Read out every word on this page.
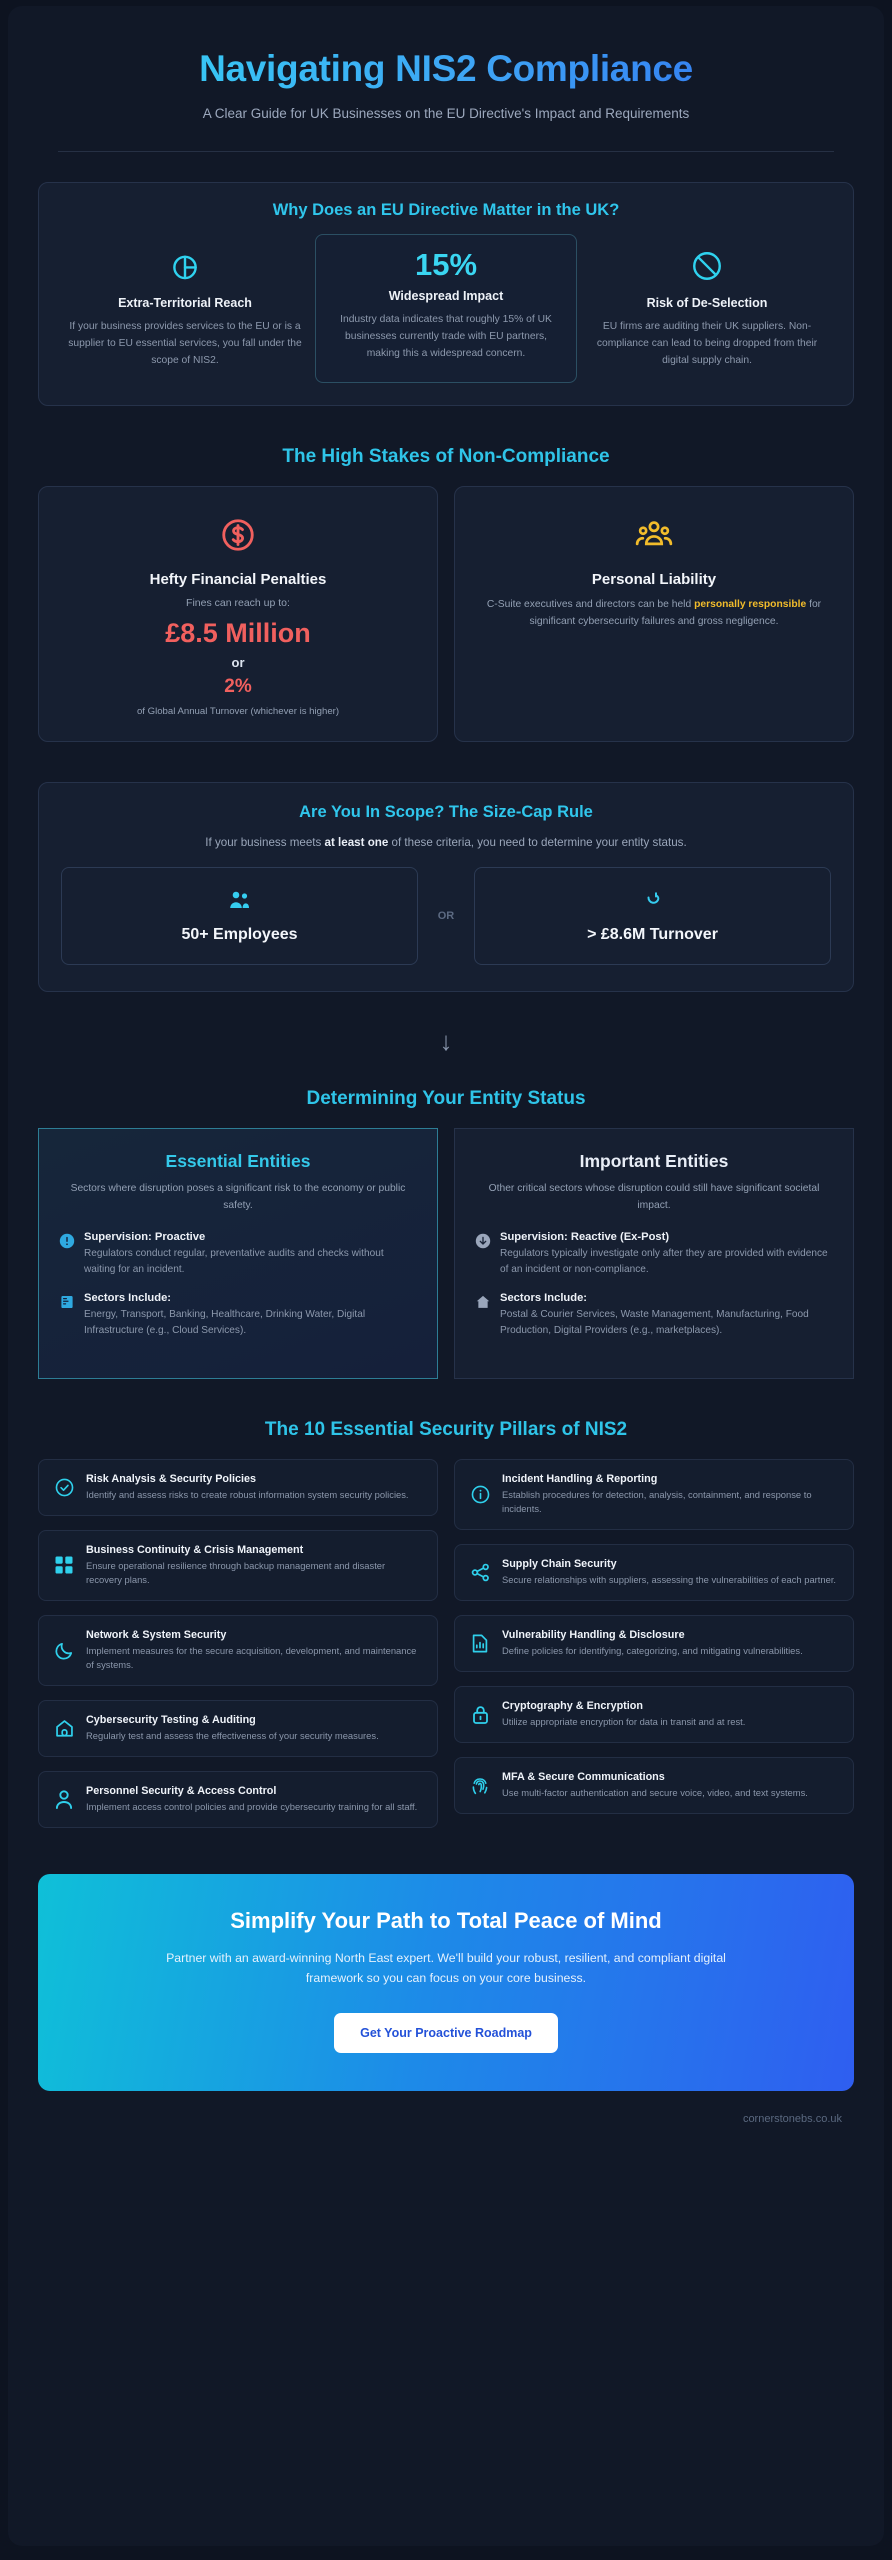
Navigating NIS2 Compliance
A Clear Guide for UK Businesses on the EU Directive's Impact and Requirements
Why Does an EU Directive Matter in the UK?
Extra-Territorial Reach
If your business provides services to the EU or is a supplier to EU essential services, you fall under the scope of NIS2.
15%
Widespread Impact
Industry data indicates that roughly 15% of UK businesses currently trade with EU partners, making this a widespread concern.
Risk of De-Selection
EU firms are auditing their UK suppliers. Non-compliance can lead to being dropped from their digital supply chain.
The High Stakes of Non-Compliance
Hefty Financial Penalties
Fines can reach up to:
£8.5 Million
or
2%
of Global Annual Turnover (whichever is higher)
Personal Liability
C-Suite executives and directors can be held personally responsible for significant cybersecurity failures and gross negligence.
Are You In Scope? The Size-Cap Rule
If your business meets at least one of these criteria, you need to determine your entity status.
50+ Employees
OR
> £8.6M Turnover
↓
Determining Your Entity Status
Essential Entities
Sectors where disruption poses a significant risk to the economy or public safety.
Supervision: Proactive
Regulators conduct regular, preventative audits and checks without waiting for an incident.
Sectors Include:
Energy, Transport, Banking, Healthcare, Drinking Water, Digital Infrastructure (e.g., Cloud Services).
Important Entities
Other critical sectors whose disruption could still have significant societal impact.
Supervision: Reactive (Ex-Post)
Regulators typically investigate only after they are provided with evidence of an incident or non-compliance.
Sectors Include:
Postal & Courier Services, Waste Management, Manufacturing, Food Production, Digital Providers (e.g., marketplaces).
The 10 Essential Security Pillars of NIS2
Risk Analysis & Security Policies
Identify and assess risks to create robust information system security policies.
Business Continuity & Crisis Management
Ensure operational resilience through backup management and disaster recovery plans.
Network & System Security
Implement measures for the secure acquisition, development, and maintenance of systems.
Cybersecurity Testing & Auditing
Regularly test and assess the effectiveness of your security measures.
Personnel Security & Access Control
Implement access control policies and provide cybersecurity training for all staff.
Incident Handling & Reporting
Establish procedures for detection, analysis, containment, and response to incidents.
Supply Chain Security
Secure relationships with suppliers, assessing the vulnerabilities of each partner.
Vulnerability Handling & Disclosure
Define policies for identifying, categorizing, and mitigating vulnerabilities.
Cryptography & Encryption
Utilize appropriate encryption for data in transit and at rest.
MFA & Secure Communications
Use multi-factor authentication and secure voice, video, and text systems.
Simplify Your Path to Total Peace of Mind
Partner with an award-winning North East expert. We'll build your robust, resilient, and compliant digital framework so you can focus on your core business.
Get Your Proactive Roadmap
cornerstonebs.co.uk
